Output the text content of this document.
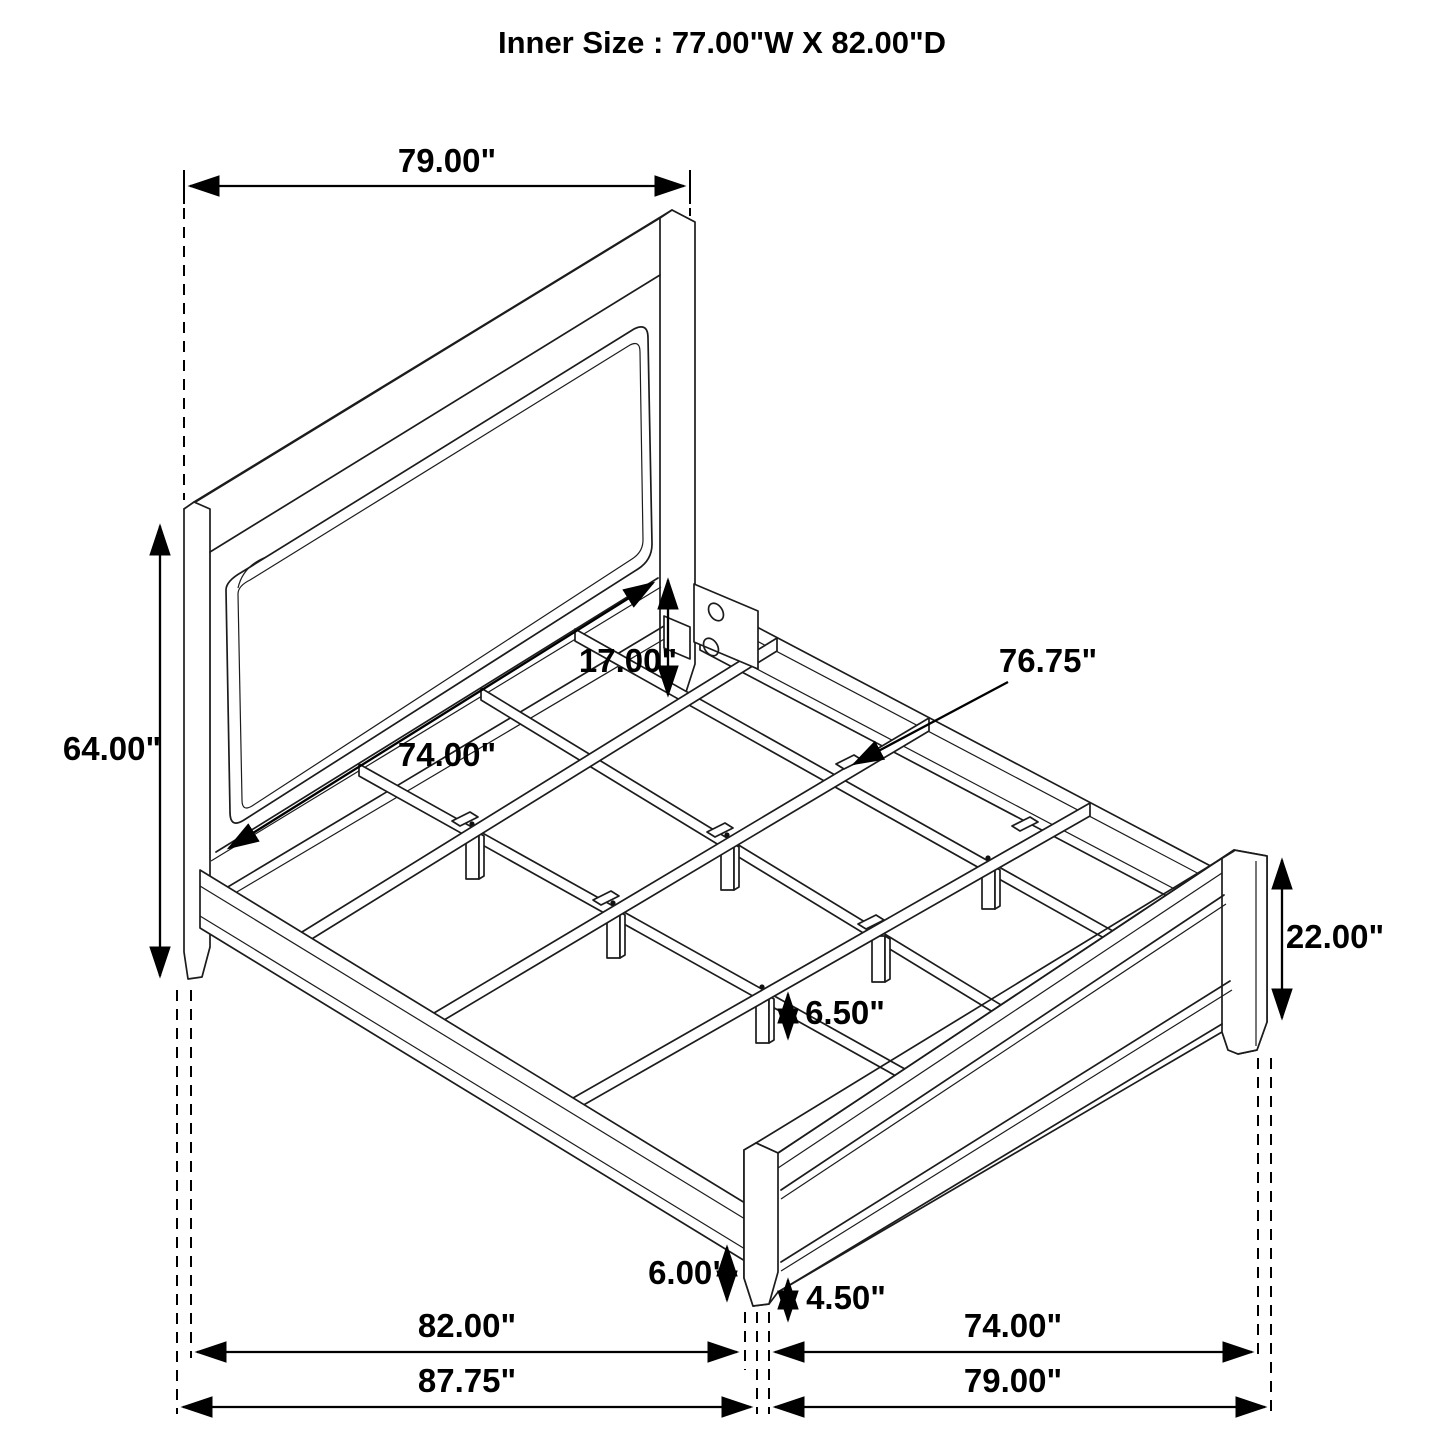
Inner Size : 77.00"W X 82.00"D
79.00"
64.00"	74.00"
17.00"	76.75"
22.00"
6.50"
6.00"
4.50"
82.00"	74.00"
87.75"	79.00"
